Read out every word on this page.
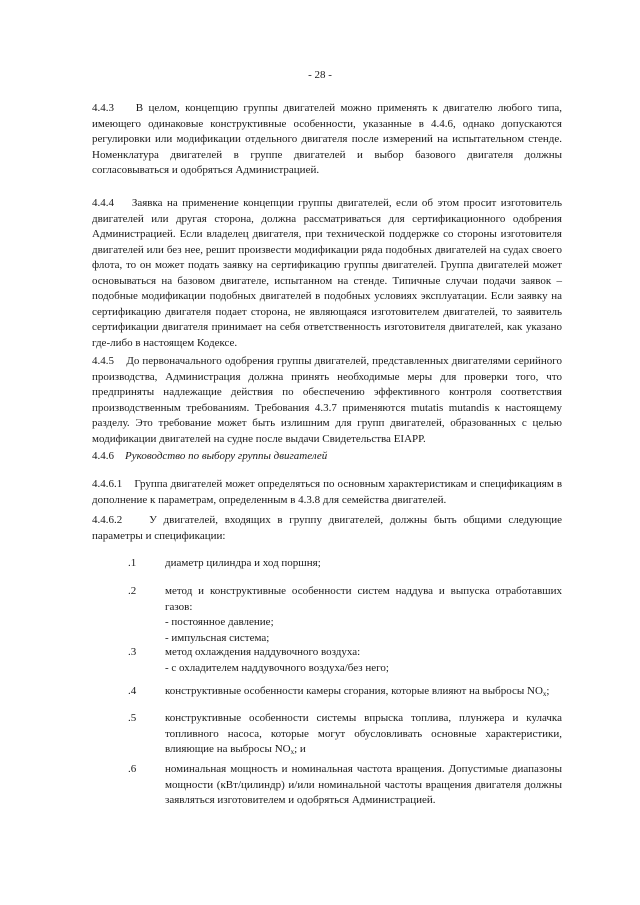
- 28 -

4.4.3 В целом, концепцию группы двигателей можно применять к двигателю любого типа, имеющего одинаковые конструктивные особенности, указанные в 4.4.6, однако допускаются регулировки или модификации отдельного двигателя после измерений на испытательном стенде. Номенклатура двигателей в группе двигателей и выбор базового двигателя должны согласовываться и одобряться Администрацией.

4.4.4 Заявка на применение концепции группы двигателей, если об этом просит изготовитель двигателей или другая сторона, должна рассматриваться для сертификационного одобрения Администрацией. Если владелец двигателя, при технической поддержке со стороны изготовителя двигателей или без нее, решит произвести модификации ряда подобных двигателей на судах своего флота, то он может подать заявку на сертификацию группы двигателей. Группа двигателей может основываться на базовом двигателе, испытанном на стенде. Типичные случаи подачи заявок – подобные модификации подобных двигателей в подобных условиях эксплуатации. Если заявку на сертификацию двигателя подает сторона, не являющаяся изготовителем двигателей, то заявитель сертификации двигателя принимает на себя ответственность изготовителя двигателей, как указано где-либо в настоящем Кодексе.

4.4.5 До первоначального одобрения группы двигателей, представленных двигателями серийного производства, Администрация должна принять необходимые меры для проверки того, что предприняты надлежащие действия по обеспечению эффективного контроля соответствия производственным требованиям. Требования 4.3.7 применяются mutatis mutandis к настоящему разделу. Это требование может быть излишним для групп двигателей, образованных с целью модификации двигателей на судне после выдачи Свидетельства EIAPP.

4.4.6 Руководство по выбору группы двигателей

4.4.6.1 Группа двигателей может определяться по основным характеристикам и спецификациям в дополнение к параметрам, определенным в 4.3.8 для семейства двигателей.

4.4.6.2 У двигателей, входящих в группу двигателей, должны быть общими следующие параметры и спецификации:

.1	диаметр цилиндра и ход поршня;
.2	метод и конструктивные особенности систем наддува и выпуска отработавших газов:
- постоянное давление;
- импульсная система;
.3	метод охлаждения наддувочного воздуха:
- с охладителем наддувочного воздуха/без него;
.4	конструктивные особенности камеры сгорания, которые влияют на выбросы $NO_x$;
.5	конструктивные особенности системы впрыска топлива, плунжера и кулачка топливного насоса, которые могут обусловливать основные характеристики, влияющие на выбросы $NO_x$; и
.6	номинальная мощность и номинальная частота вращения. Допустимые диапазоны мощности (кВт/цилиндр) и/или номинальной частоты вращения двигателя должны заявляться изготовителем и одобряться Администрацией.
